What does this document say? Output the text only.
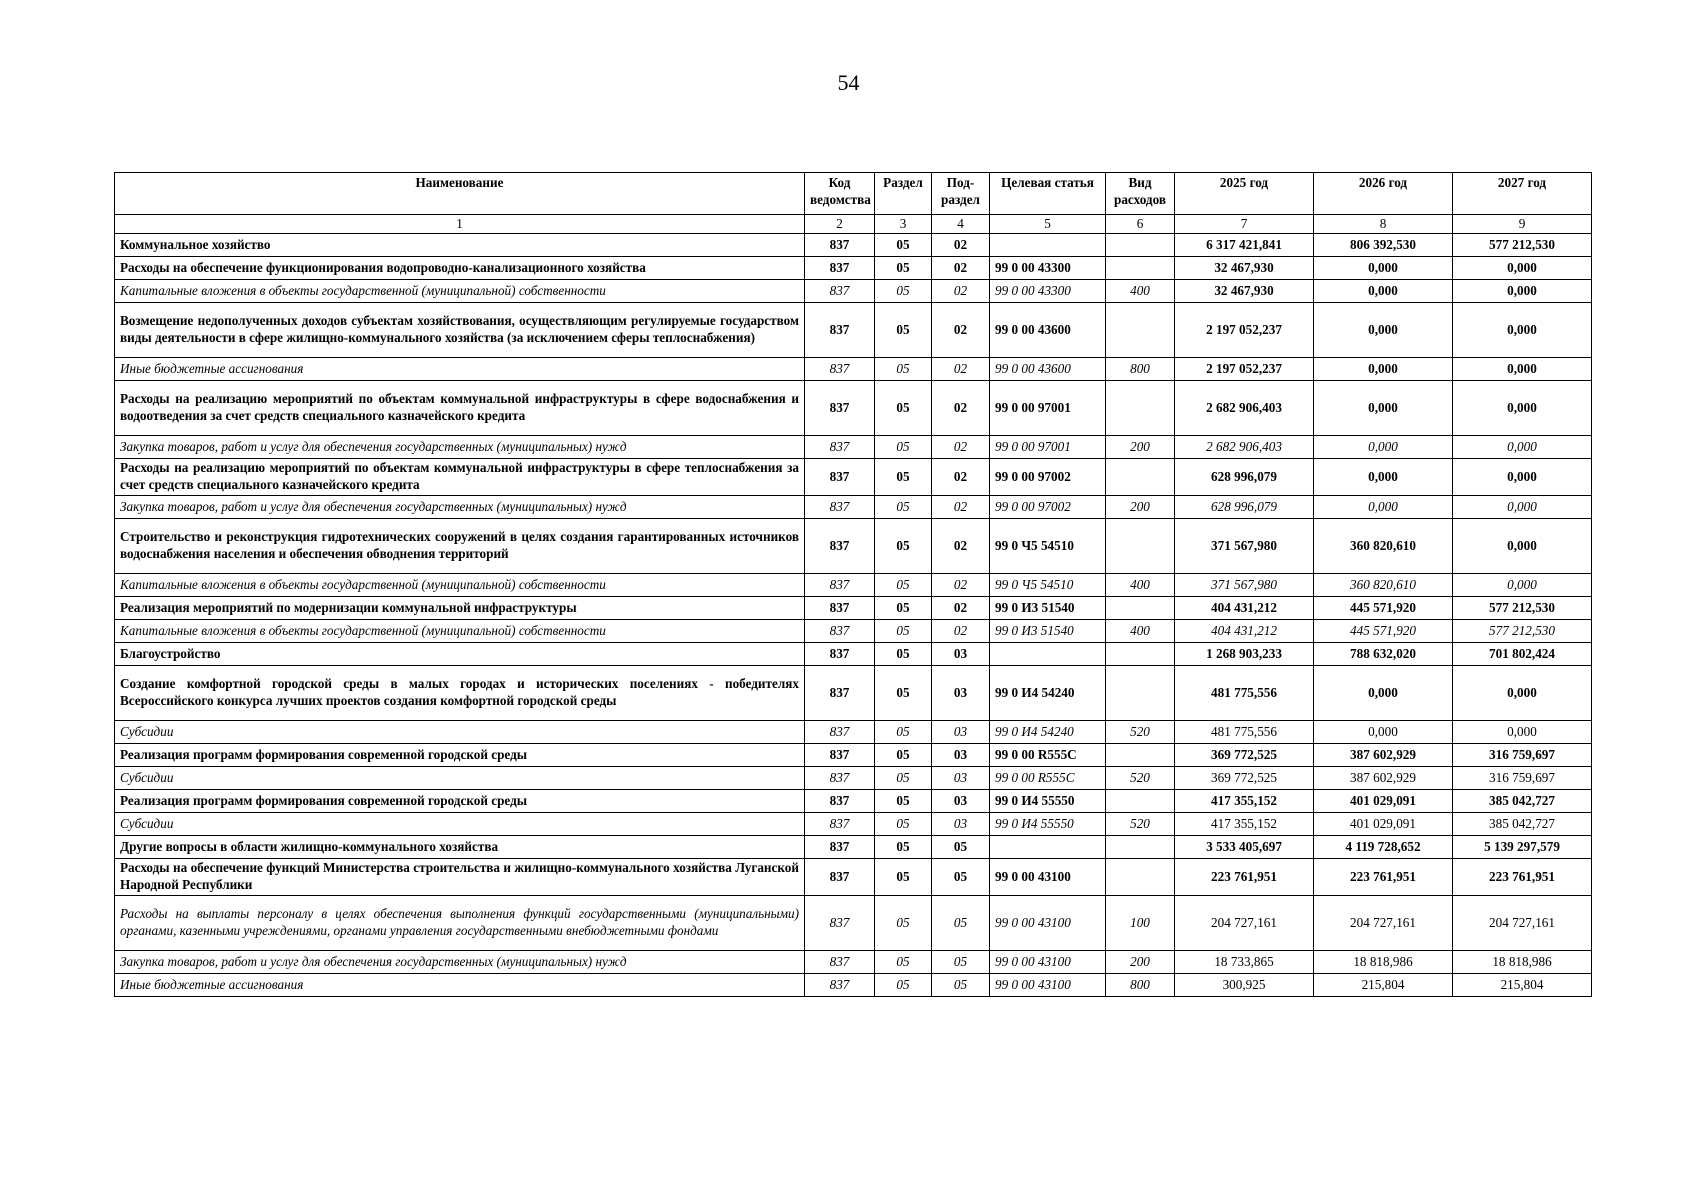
54
Наименование	Код ведомства	Раздел	Под-раздел	Целевая статья	Вид расходов	2025 год	2026 год	2027 год
1	2	3	4	5	6	7	8	9
Коммунальное хозяйство	837	05	02			6 317 421,841	806 392,530	577 212,530
Расходы на обеспечение функционирования водопроводно-канализационного хозяйства	837	05	02	99 0 00 43300		32 467,930	0,000	0,000
Капитальные вложения в объекты государственной (муниципальной) собственности	837	05	02	99 0 00 43300	400	32 467,930	0,000	0,000
Возмещение недополученных доходов субъектам хозяйствования, осуществляющим регулируемые государством виды деятельности в сфере жилищно-коммунального хозяйства (за исключением сферы теплоснабжения)	837	05	02	99 0 00 43600		2 197 052,237	0,000	0,000
Иные бюджетные ассигнования	837	05	02	99 0 00 43600	800	2 197 052,237	0,000	0,000
Расходы на реализацию мероприятий по объектам коммунальной инфраструктуры в сфере водоснабжения и водоотведения за счет средств специального казначейского кредита	837	05	02	99 0 00 97001		2 682 906,403	0,000	0,000
Закупка товаров, работ и услуг для обеспечения государственных (муниципальных) нужд	837	05	02	99 0 00 97001	200	2 682 906,403	0,000	0,000
Расходы на реализацию мероприятий по объектам коммунальной инфраструктуры в сфере теплоснабжения за счет средств специального казначейского кредита	837	05	02	99 0 00 97002		628 996,079	0,000	0,000
Закупка товаров, работ и услуг для обеспечения государственных (муниципальных) нужд	837	05	02	99 0 00 97002	200	628 996,079	0,000	0,000
Строительство и реконструкция гидротехнических сооружений в целях создания гарантированных источников водоснабжения населения и обеспечения обводнения территорий	837	05	02	99 0 Ч5 54510		371 567,980	360 820,610	0,000
Капитальные вложения в объекты государственной (муниципальной) собственности	837	05	02	99 0 Ч5 54510	400	371 567,980	360 820,610	0,000
Реализация мероприятий по модернизации коммунальной инфраструктуры	837	05	02	99 0 И3 51540		404 431,212	445 571,920	577 212,530
Капитальные вложения в объекты государственной (муниципальной) собственности	837	05	02	99 0 И3 51540	400	404 431,212	445 571,920	577 212,530
Благоустройство	837	05	03			1 268 903,233	788 632,020	701 802,424
Создание комфортной городской среды в малых городах и исторических поселениях - победителях Всероссийского конкурса лучших проектов создания комфортной городской среды	837	05	03	99 0 И4 54240		481 775,556	0,000	0,000
Субсидии	837	05	03	99 0 И4 54240	520	481 775,556	0,000	0,000
Реализация программ формирования современной городской среды	837	05	03	99 0 00 R555C		369 772,525	387 602,929	316 759,697
Субсидии	837	05	03	99 0 00 R555C	520	369 772,525	387 602,929	316 759,697
Реализация программ формирования современной городской среды	837	05	03	99 0 И4 55550		417 355,152	401 029,091	385 042,727
Субсидии	837	05	03	99 0 И4 55550	520	417 355,152	401 029,091	385 042,727
Другие вопросы в области жилищно-коммунального хозяйства	837	05	05			3 533 405,697	4 119 728,652	5 139 297,579
Расходы на обеспечение функций Министерства строительства и жилищно-коммунального хозяйства Луганской Народной Республики	837	05	05	99 0 00 43100		223 761,951	223 761,951	223 761,951
Расходы на выплаты персоналу в целях обеспечения выполнения функций государственными (муниципальными) органами, казенными учреждениями, органами управления государственными внебюджетными фондами	837	05	05	99 0 00 43100	100	204 727,161	204 727,161	204 727,161
Закупка товаров, работ и услуг для обеспечения государственных (муниципальных) нужд	837	05	05	99 0 00 43100	200	18 733,865	18 818,986	18 818,986
Иные бюджетные ассигнования	837	05	05	99 0 00 43100	800	300,925	215,804	215,804
